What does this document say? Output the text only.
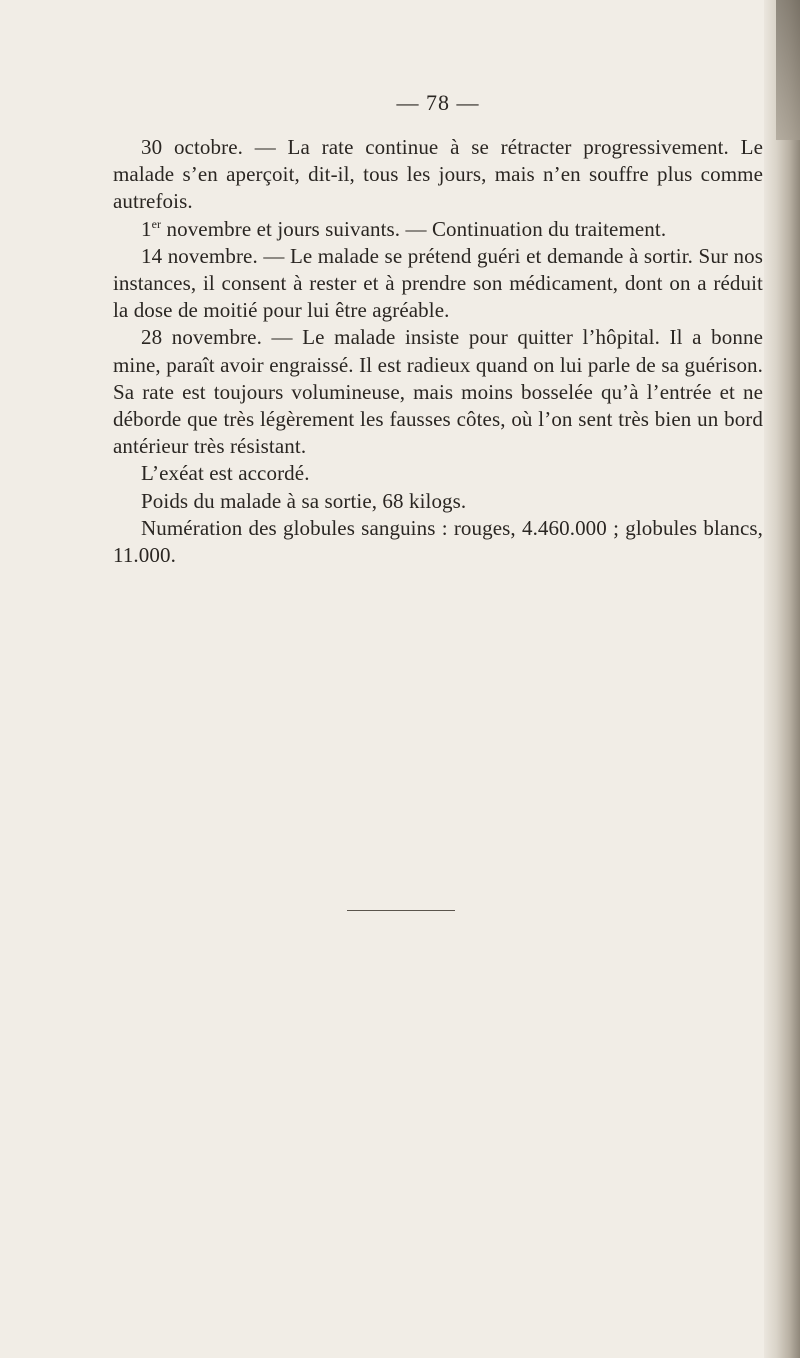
— 78 —

30 octobre. — La rate continue à se rétracter progressivement. Le malade s’en aperçoit, dit-il, tous les jours, mais n’en souffre plus comme autrefois.

1er novembre et jours suivants. — Continuation du traitement.

14 novembre. — Le malade se prétend guéri et demande à sortir. Sur nos instances, il consent à rester et à prendre son médicament, dont on a réduit la dose de moitié pour lui être agréable.

28 novembre. — Le malade insiste pour quitter l’hôpital. Il a bonne mine, paraît avoir engraissé. Il est radieux quand on lui parle de sa guérison. Sa rate est toujours volumineuse, mais moins bosselée qu’à l’entrée et ne déborde que très légèrement les fausses côtes, où l’on sent très bien un bord antérieur très résistant.

L’exéat est accordé.

Poids du malade à sa sortie, 68 kilogs.

Numération des globules sanguins : rouges, 4.460.000 ; globules blancs, 11.000.
